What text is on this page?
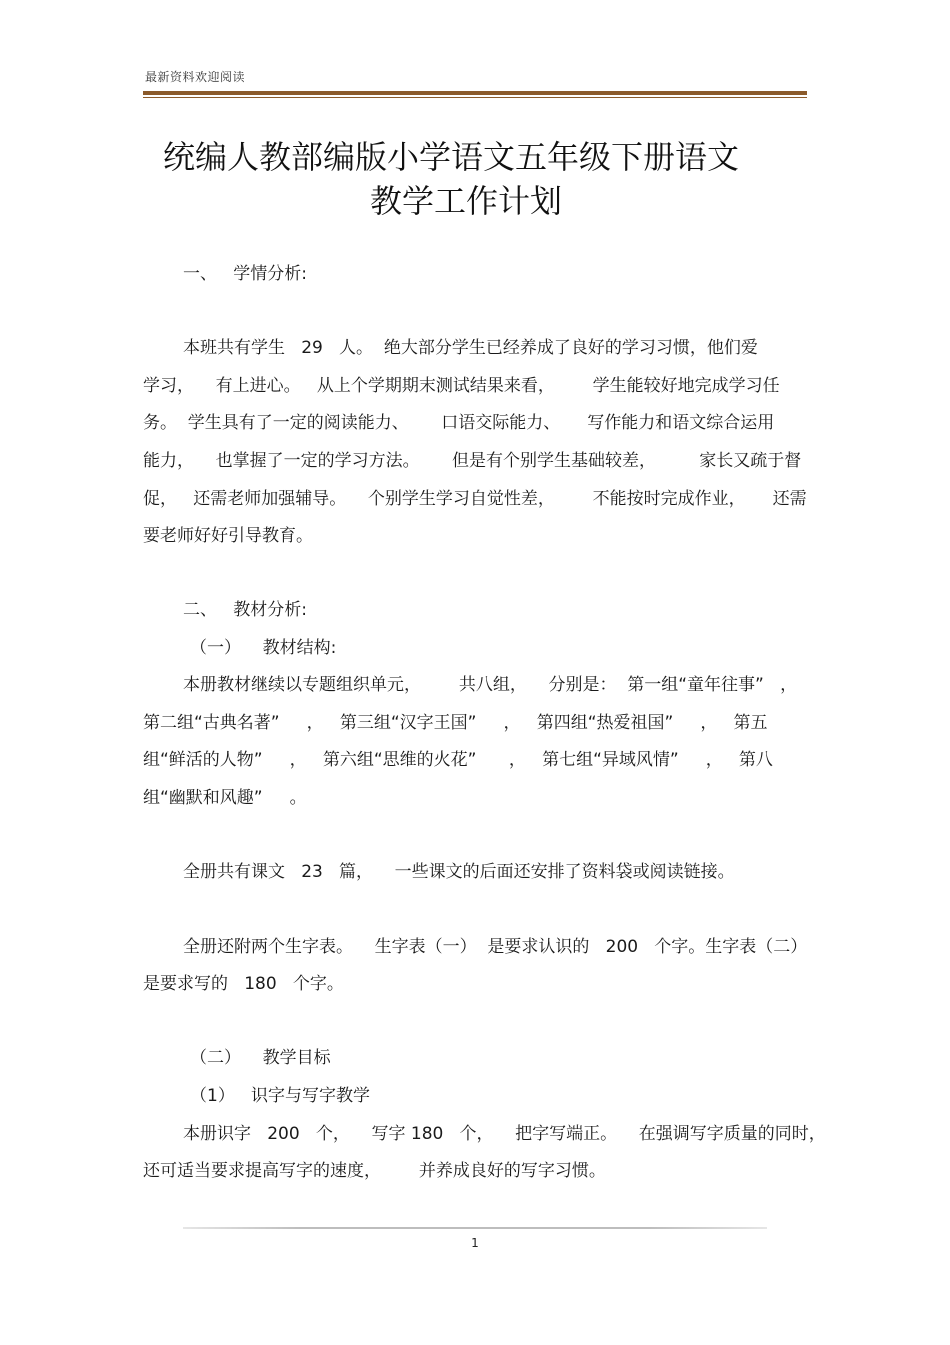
最新资料欢迎阅读
统编人教部编版小学语文五年级下册语文
教学工作计划
一、   学情分析:
本班共有学生   29   人。  绝大部分学生已经养成了良好的学习习惯，他们爱
学习，    有上进心。   从上个学期期末测试结果来看，       学生能较好地完成学习任
务。  学生具有了一定的阅读能力、      口语交际能力、     写作能力和语文综合运用
能力，    也掌握了一定的学习方法。      但是有个别学生基础较差，        家长又疏于督
促，   还需老师加强辅导。    个别学生学习自觉性差，       不能按时完成作业，     还需
要老师好好引导教育。
二、   教材分析:
（一）    教材结构:
本册教材继续以专题组织单元，       共八组，    分别是：  第一组“童年往事”   ，
第二组“古典名著”     ，   第三组“汉字王国”     ，   第四组“热爱祖国”     ，   第五
组“鲜活的人物”     ，   第六组“思维的火花”      ，   第七组“异域风情”     ，   第八
组“幽默和风趣”     。
全册共有课文   23   篇，    一些课文的后面还安排了资料袋或阅读链接。
全册还附两个生字表。    生字表（一）  是要求认识的   200   个字。生字表（二）
是要求写的   180   个字。
（二）    教学目标
（1）   识字与写字教学
本册识字   200   个，    写字 180   个，    把字写端正。    在强调写字质量的同时，
还可适当要求提高写字的速度，       并养成良好的写字习惯。
1
